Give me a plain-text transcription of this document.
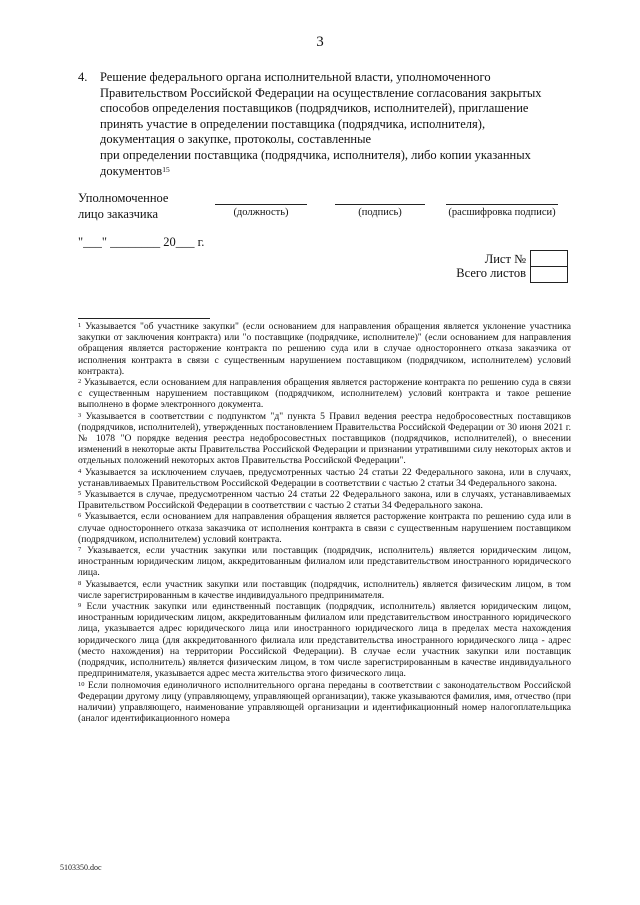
3
4. Решение федерального органа исполнительной власти, уполномоченного
Правительством Российской Федерации на осуществление согласования закрытых
способов определения поставщиков (подрядчиков, исполнителей), приглашение
принять участие в определении поставщика (подрядчика, исполнителя),
документация о закупке, протоколы, составленные
при определении поставщика (подрядчика, исполнителя), либо копии указанных
документов$^{15}$
Уполномоченное
лицо заказчика	(должность)	(подпись)	(расшифровка подписи)
"___" ________ 20___ г.
Лист №
Всего листов

$^1$ Указывается "об участнике закупки" (если основанием для направления обращения является уклонение участника закупки от заключения контракта) или "о поставщике (подрядчике, исполнителе)" (если основанием для направления обращения является расторжение контракта по решению суда или в случае одностороннего отказа заказчика от исполнения контракта в связи с существенным нарушением поставщиком (подрядчиком, исполнителем) условий контракта).

$^2$ Указывается, если основанием для направления обращения является расторжение контракта по решению суда в связи с существенным нарушением поставщиком (подрядчиком, исполнителем) условий контракта и такое решение выполнено в форме электронного документа.

$^3$ Указывается в соответствии с подпунктом "д" пункта 5 Правил ведения реестра недобросовестных поставщиков (подрядчиков, исполнителей), утвержденных постановлением Правительства Российской Федерации от 30 июня 2021 г. № 1078 "О порядке ведения реестра недобросовестных поставщиков (подрядчиков, исполнителей), о внесении изменений в некоторые акты Правительства Российской Федерации и признании утратившими силу некоторых актов и отдельных положений некоторых актов Правительства Российской Федерации".

$^4$ Указывается за исключением случаев, предусмотренных частью 24 статьи 22 Федерального закона, или в случаях, устанавливаемых Правительством Российской Федерации в соответствии с частью 2 статьи 34 Федерального закона.

$^5$ Указывается в случае, предусмотренном частью 24 статьи 22 Федерального закона, или в случаях, устанавливаемых Правительством Российской Федерации в соответствии с частью 2 статьи 34 Федерального закона.

$^6$ Указывается, если основанием для направления обращения является расторжение контракта по решению суда или в случае одностороннего отказа заказчика от исполнения контракта в связи с существенным нарушением поставщиком (подрядчиком, исполнителем) условий контракта.

$^7$ Указывается, если участник закупки или поставщик (подрядчик, исполнитель) является юридическим лицом, иностранным юридическим лицом, аккредитованным филиалом или представительством иностранного юридического лица.

$^8$ Указывается, если участник закупки или поставщик (подрядчик, исполнитель) является физическим лицом, в том числе зарегистрированным в качестве индивидуального предпринимателя.

$^9$ Если участник закупки или единственный поставщик (подрядчик, исполнитель) является юридическим лицом, иностранным юридическим лицом, аккредитованным филиалом или представительством иностранного юридического лица, указывается адрес юридического лица или иностранного юридического лица в пределах места нахождения юридического лица (для аккредитованного филиала или представительства иностранного юридического лица - адрес (место нахождения) на территории Российской Федерации). В случае если участник закупки или поставщик (подрядчик, исполнитель) является физическим лицом, в том числе зарегистрированным в качестве индивидуального предпринимателя, указывается адрес места жительства этого физического лица.

$^{10}$ Если полномочия единоличного исполнительного органа переданы в соответствии с законодательством Российской Федерации другому лицу (управляющему, управляющей организации), также указываются фамилия, имя, отчество (при наличии) управляющего, наименование управляющей организации и идентификационный номер налогоплательщика (аналог идентификационного номера

5103350.doc
